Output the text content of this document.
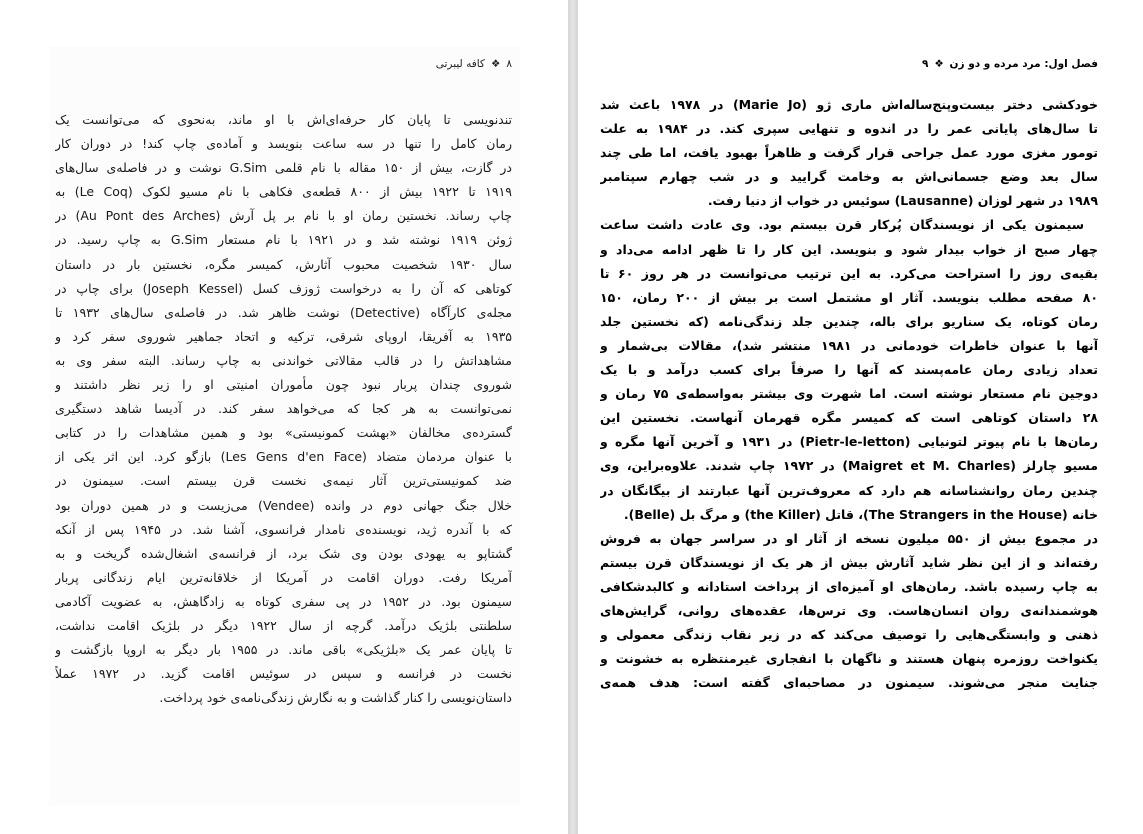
۸
❖
کافه لیبرتی
تندنویسی تا پایان کار حرفه‌ای‌اش با او ماند، به‌نحوی که می‌توانست یک
رمان کامل را تنها در سه ساعت بنویسد و آماده‌ی چاپ کند! در دوران کار
در گازت، بیش از ۱۵۰ مقاله با نام قلمی G.Sim نوشت و در فاصله‌ی سال‌های
۱۹۱۹ تا ۱۹۲۲ بیش از ۸۰۰ قطعه‌ی فکاهی با نام مسیو لکوک (Le Coq) به
چاپ رساند. نخستین رمان او با نام بر پل آرش (Au Pont des Arches) در
ژوئن ۱۹۱۹ نوشته شد و در ۱۹۲۱ با نام مستعار G.Sim به چاپ رسید. در
سال ۱۹۳۰ شخصیت محبوب آثارش، کمیسر مگره، نخستین بار در داستان
کوتاهی که آن را به درخواست ژوزف کسل (Joseph Kessel) برای چاپ در
مجله‌ی کارآگاه (Detective) نوشت ظاهر شد. در فاصله‌ی سال‌های ۱۹۳۲ تا
۱۹۳۵ به آفریقا، اروپای شرقی، ترکیه و اتحاد جماهیر شوروی سفر کرد و
مشاهداتش را در قالب مقالاتی خواندنی به چاپ رساند. البته سفر وی به
شوروی چندان پربار نبود چون مأموران امنیتی او را زیر نظر داشتند و
نمی‌توانست به هر کجا که می‌خواهد سفر کند. در آدیسا شاهد دستگیری
گسترده‌ی مخالفان «بهشت کمونیستی» بود و همین مشاهدات را در کتابی
با عنوان مردمان متضاد (Les Gens d'en Face) بازگو کرد. این اثر یکی از
ضد کمونیستی‌ترین آثار نیمه‌ی نخست قرن بیستم است. سیمنون در
خلال جنگ جهانی دوم در وانده (Vendee) می‌زیست و در همین دوران بود
که با آندره ژید، نویسنده‌ی نامدار فرانسوی، آشنا شد. در ۱۹۴۵ پس از آنکه
گشتاپو به یهودی بودن وی شک برد، از فرانسه‌ی اشغال‌شده گریخت و به
آمریکا رفت. دوران اقامت در آمریکا از خلاقانه‌ترین ایام زندگانی پربار
سیمنون بود. در ۱۹۵۲ در پی سفری کوتاه به زادگاهش، به عضویت آکادمی
سلطنتی بلژیک درآمد. گرچه از سال ۱۹۲۲ دیگر در بلژیک اقامت نداشت،
تا پایان عمر یک «بلژیکی» باقی ماند. در ۱۹۵۵ بار دیگر به اروپا بازگشت و
نخست در فرانسه و سپس در سوئیس اقامت گزید. در ۱۹۷۲ عملاً
داستان‌نویسی را کنار گذاشت و به نگارش زندگی‌نامه‌ی خود پرداخت.
فصل اول: مرد مرده و دو زن
❖
۹
خودکشی دختر بیست‌وپنج‌ساله‌اش ماری ژو (Marie Jo) در ۱۹۷۸ باعث شد
تا سال‌های پایانی عمر را در اندوه و تنهایی سپری کند. در ۱۹۸۴ به علت
تومور مغزی مورد عمل جراحی قرار گرفت و ظاهراً بهبود یافت، اما طی چند
سال بعد وضع جسمانی‌اش به وخامت گرایید و در شب چهارم سپتامبر
۱۹۸۹ در شهر لوزان (Lausanne) سوئیس در خواب از دنیا رفت.
سیمنون یکی از نویسندگان پُرکار قرن بیستم بود. وی عادت داشت ساعت
چهار صبح از خواب بیدار شود و بنویسد. این کار را تا ظهر ادامه می‌داد و
بقیه‌ی روز را استراحت می‌کرد. به این ترتیب می‌توانست در هر روز ۶۰ تا
۸۰ صفحه مطلب بنویسد. آثار او مشتمل است بر بیش از ۲۰۰ رمان، ۱۵۰
رمان کوتاه، یک سناریو برای باله، چندین جلد زندگی‌نامه (که نخستین جلد
آنها با عنوان خاطرات خودمانی در ۱۹۸۱ منتشر شد)، مقالات بی‌شمار و
تعداد زیادی رمان عامه‌پسند که آنها را صرفاً برای کسب درآمد و با یک
دوجین نام مستعار نوشته است. اما شهرت وی بیشتر به‌واسطه‌ی ۷۵ رمان و
۲۸ داستان کوتاهی است که کمیسر مگره قهرمان آنهاست. نخستین این
رمان‌ها با نام پیوتر لتونیایی (Pietr-le-letton) در ۱۹۳۱ و آخرین آنها مگره و
مسیو چارلز (Maigret et M. Charles) در ۱۹۷۲ چاپ شدند. علاوه‌براین، وی
چندین رمان روانشناسانه هم دارد که معروف‌ترین آنها عبارتند از بیگانگان در
خانه (The Strangers in the House)، قاتل (the Killer) و مرگ بل (Belle).
در مجموع بیش از ۵۵۰ میلیون نسخه از آثار او در سراسر جهان به فروش
رفته‌اند و از این نظر شاید آثارش بیش از هر یک از نویسندگان قرن بیستم
به چاپ رسیده باشد. رمان‌های او آمیزه‌ای از پرداخت استادانه و کالبدشکافی
هوشمندانه‌ی روان انسان‌هاست. وی ترس‌ها، عقده‌های روانی، گرایش‌های
ذهنی و وابستگی‌هایی را توصیف می‌کند که در زیر نقاب زندگی معمولی و
یکنواخت روزمره پنهان هستند و ناگهان با انفجاری غیرمنتظره به خشونت و
جنایت منجر می‌شوند. سیمنون در مصاحبه‌ای گفته است: هدف همه‌ی
